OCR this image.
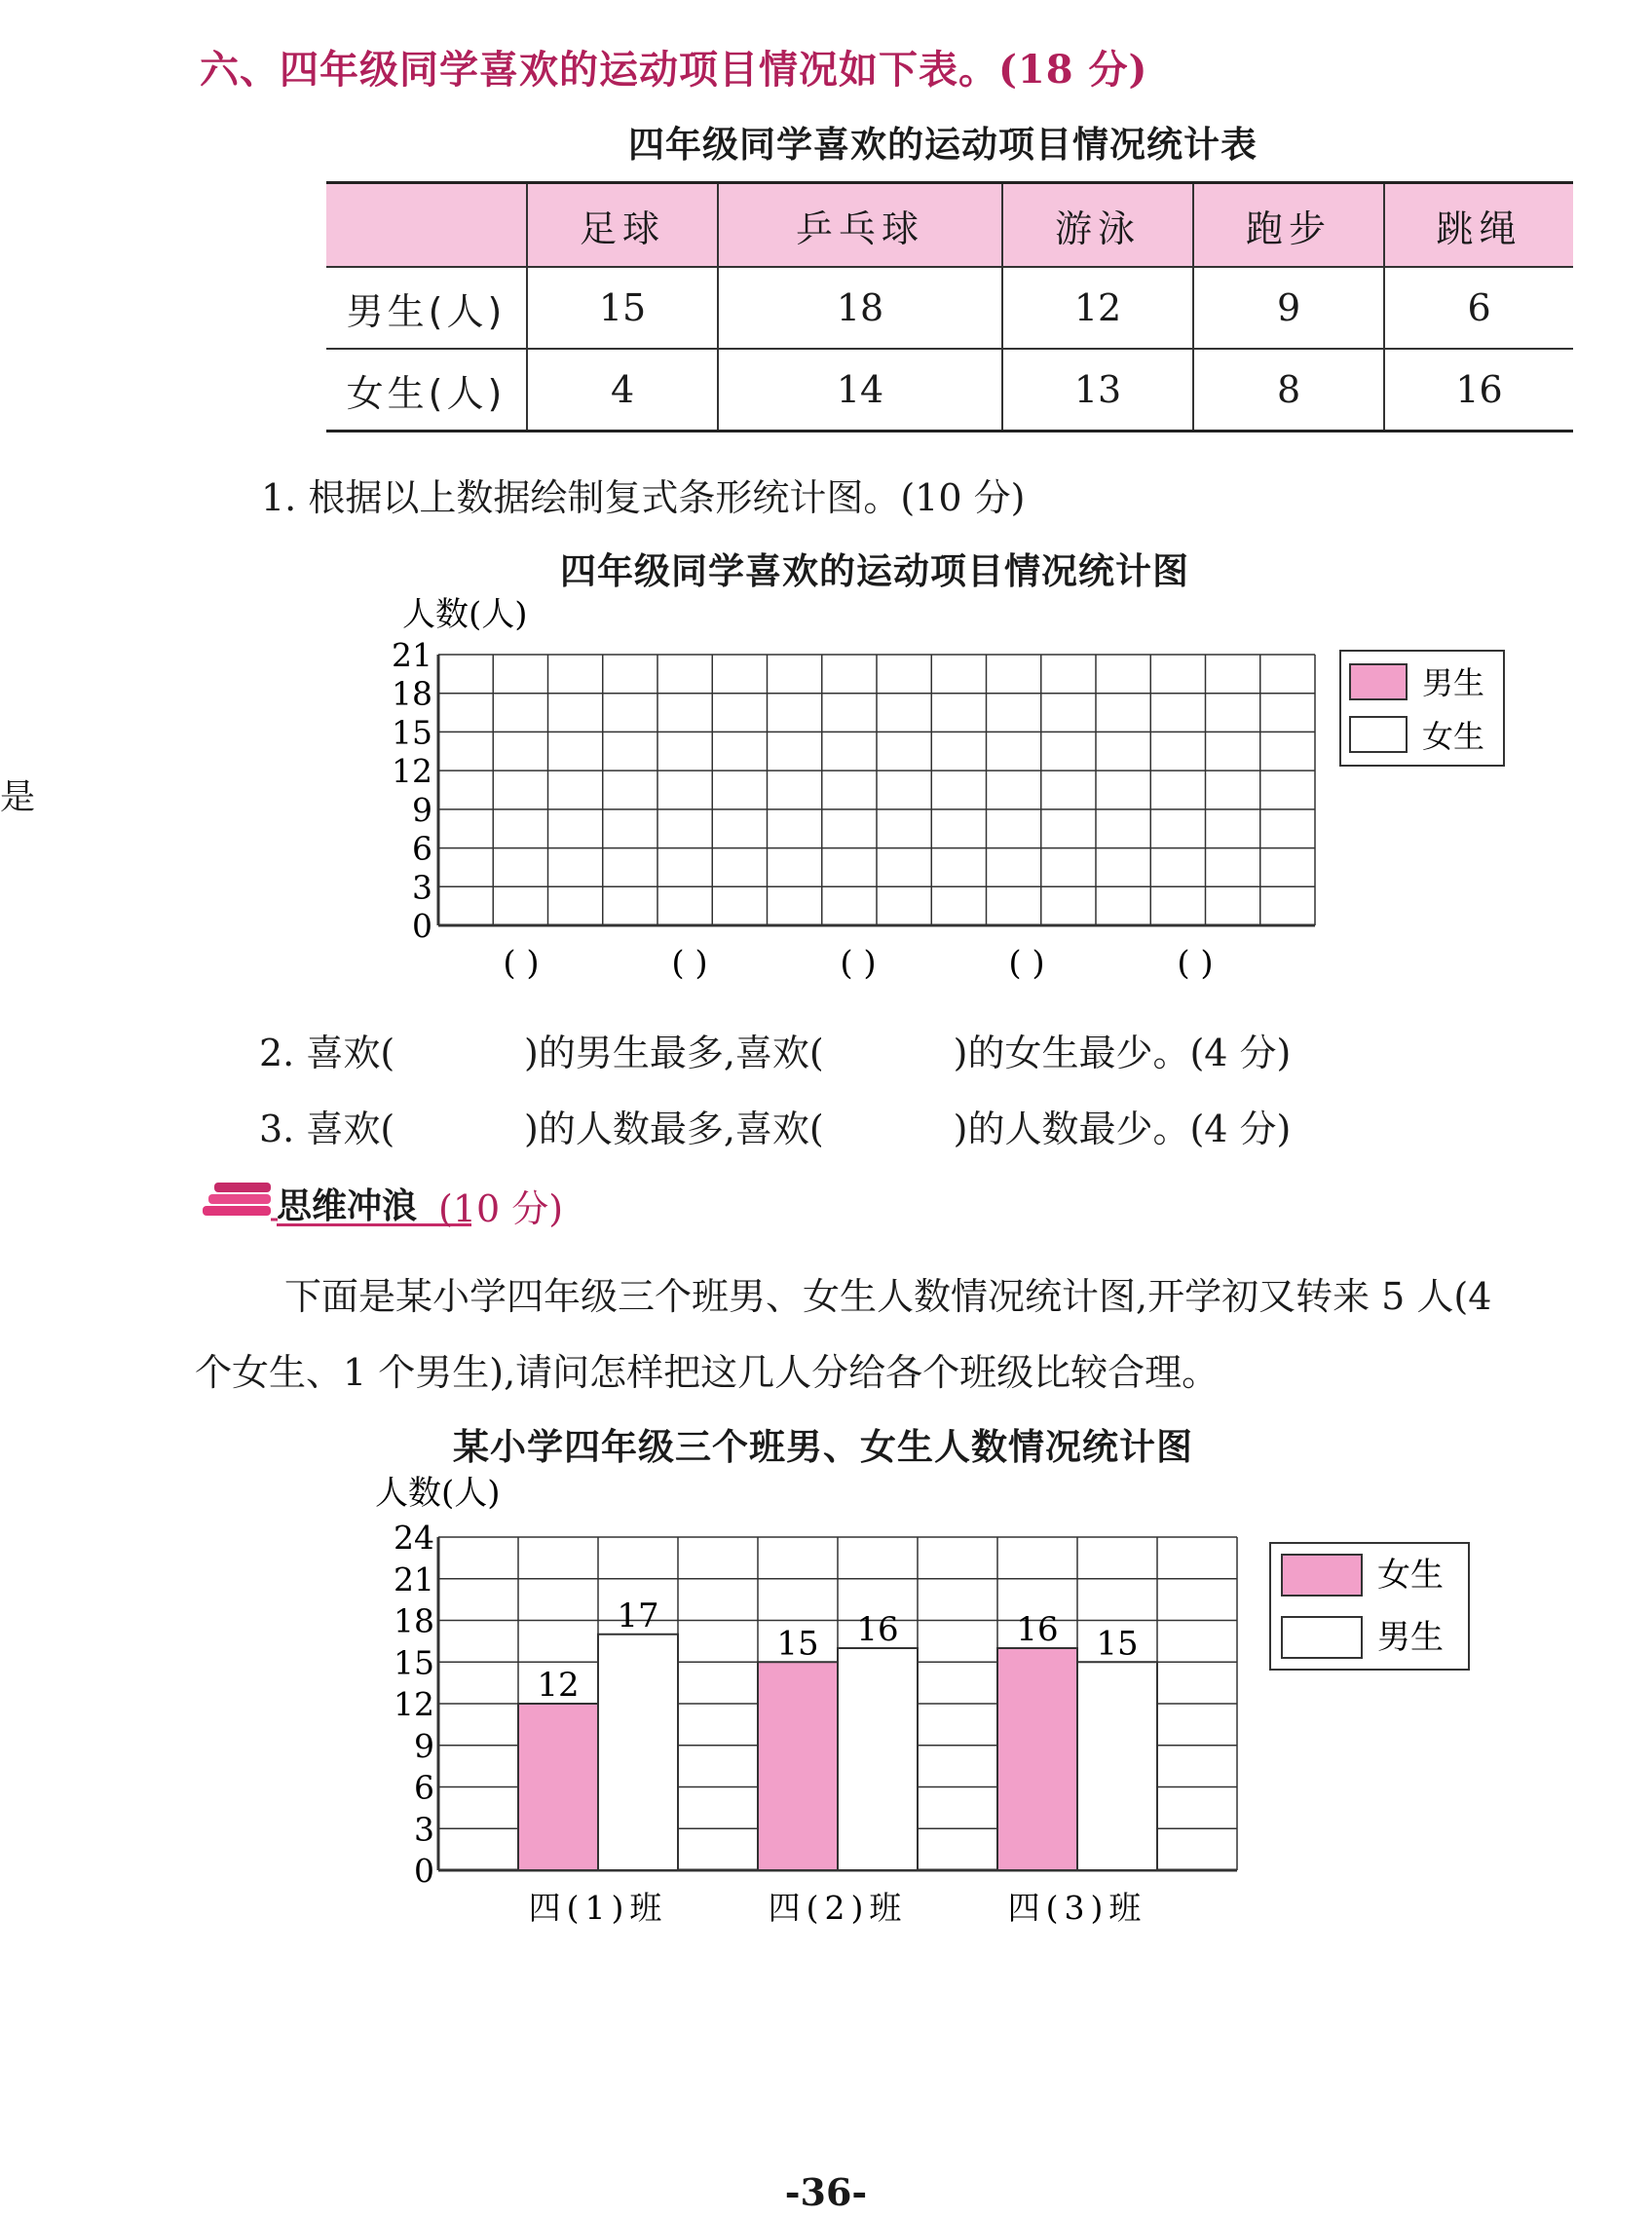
是
六、四年级同学喜欢的运动项目情况如下表。(18 分)
四年级同学喜欢的运动项目情况统计表
	足球	乒乓球	游泳	跑步	跳绳
男生(人)	15	18	12	9	6
女生(人)	4	14	13	8	16
1. 根据以上数据绘制复式条形统计图。(10 分)
四年级同学喜欢的运动项目情况统计图
人数(人)
21
18
15
12
9
6
3
0
( )	( )	( )	( )	( )
男生
女生
2. 喜欢(           )的男生最多,喜欢(           )的女生最少。(4 分)
3. 喜欢(           )的人数最多,喜欢(           )的人数最少。(4 分)
思维冲浪 (10 分)
下面是某小学四年级三个班男、女生人数情况统计图,开学初又转来 5 人(4
个女生、1 个男生),请问怎样把这几人分给各个班级比较合理。
某小学四年级三个班男、女生人数情况统计图
人数(人)
24
21
18
15
12
9
6
3
0
12
17
15 16	16 15
四(1)班	四(2)班	四(3)班
女生
男生
-36-
